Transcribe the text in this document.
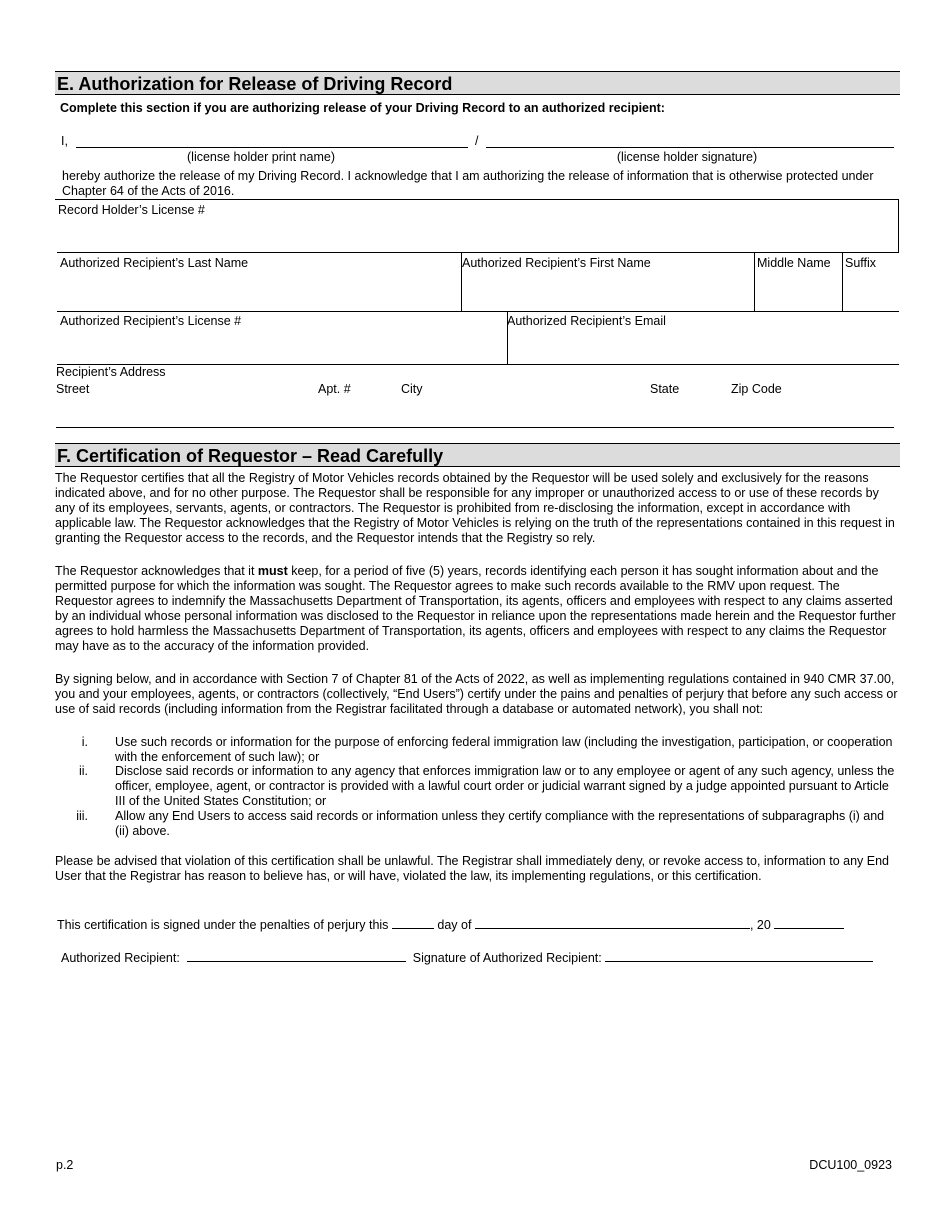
E. Authorization for Release of Driving Record
Complete this section if you are authorizing release of your Driving Record to an authorized recipient:
I,	/
(license holder print name)	(license holder signature)
hereby authorize the release of my Driving Record. I acknowledge that I am authorizing the release of information that is otherwise protected under Chapter 64 of the Acts of 2016.
Record Holder’s License #
Authorized Recipient’s Last Name	Authorized Recipient’s First Name	Middle Name Suffix
Authorized Recipient’s License #	Authorized Recipient’s Email
Recipient’s Address
Street	Apt. #	City	State	Zip Code
F. Certification of Requestor – Read Carefully
The Requestor certifies that all the Registry of Motor Vehicles records obtained by the Requestor will be used solely and exclusively for the reasons indicated above, and for no other purpose. The Requestor shall be responsible for any improper or unauthorized access to or use of these records by any of its employees, servants, agents, or contractors. The Requestor is prohibited from re-disclosing the information, except in accordance with applicable law. The Requestor acknowledges that the Registry of Motor Vehicles is relying on the truth of the representations contained in this request in granting the Requestor access to the records, and the Requestor intends that the Registry so rely.
The Requestor acknowledges that it must keep, for a period of five (5) years, records identifying each person it has sought information about and the permitted purpose for which the information was sought. The Requestor agrees to make such records available to the RMV upon request. The Requestor agrees to indemnify the Massachusetts Department of Transportation, its agents, officers and employees with respect to any claims asserted by an individual whose personal information was disclosed to the Requestor in reliance upon the representations made herein and the Requestor further agrees to hold harmless the Massachusetts Department of Transportation, its agents, officers and employees with respect to any claims the Requestor may have as to the accuracy of the information provided.
By signing below, and in accordance with Section 7 of Chapter 81 of the Acts of 2022, as well as implementing regulations contained in 940 CMR 37.00, you and your employees, agents, or contractors (collectively, “End Users”) certify under the pains and penalties of perjury that before any such access or use of said records (including information from the Registrar facilitated through a database or automated network), you shall not:
i. Use such records or information for the purpose of enforcing federal immigration law (including the investigation, participation, or cooperation with the enforcement of such law); or
ii. Disclose said records or information to any agency that enforces immigration law or to any employee or agent of any such agency, unless the officer, employee, agent, or contractor is provided with a lawful court order or judicial warrant signed by a judge appointed pursuant to Article III of the United States Constitution; or
iii. Allow any End Users to access said records or information unless they certify compliance with the representations of subparagraphs (i) and (ii) above.
Please be advised that violation of this certification shall be unlawful. The Registrar shall immediately deny, or revoke access to, information to any End User that the Registrar has reason to believe has, or will have, violated the law, its implementing regulations, or this certification.
This certification is signed under the penalties of perjury this	day of	, 20
Authorized Recipient:	Signature of Authorized Recipient:
p.2	DCU100_0923
